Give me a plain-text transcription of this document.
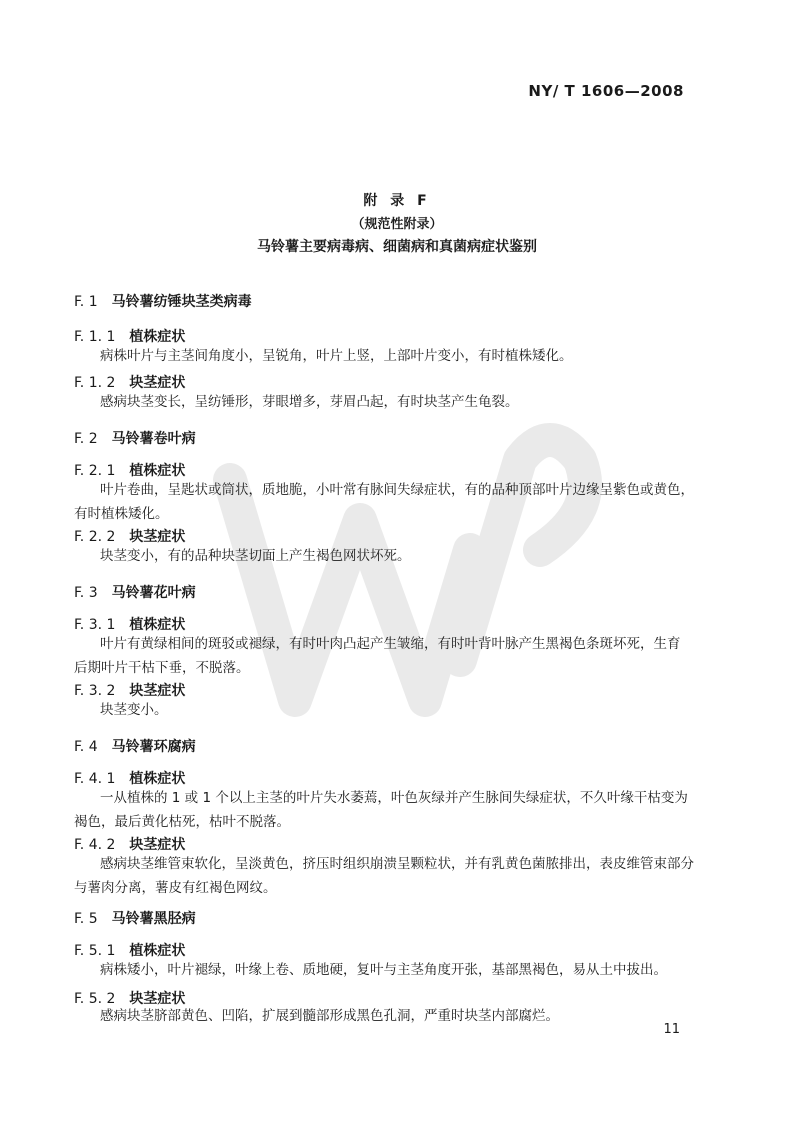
NY/ T 1606—2008
附 录 F
（规范性附录）
马铃薯主要病毒病、细菌病和真菌病症状鉴别
F. 1 马铃薯纺锤块茎类病毒
F. 1. 1 植株症状
病株叶片与主茎间角度小，呈锐角，叶片上竖，上部叶片变小，有时植株矮化。
F. 1. 2 块茎症状
感病块茎变长，呈纺锤形，芽眼增多，芽眉凸起，有时块茎产生龟裂。
F. 2 马铃薯卷叶病
F. 2. 1 植株症状
叶片卷曲，呈匙状或筒状，质地脆，小叶常有脉间失绿症状，有的品种顶部叶片边缘呈紫色或黄色，
有时植株矮化。
F. 2. 2 块茎症状
块茎变小，有的品种块茎切面上产生褐色网状坏死。
F. 3 马铃薯花叶病
F. 3. 1 植株症状
叶片有黄绿相间的斑驳或褪绿，有时叶肉凸起产生皱缩，有时叶背叶脉产生黑褐色条斑坏死，生育
后期叶片干枯下垂，不脱落。
F. 3. 2 块茎症状
块茎变小。
F. 4 马铃薯环腐病
F. 4. 1 植株症状
一从植株的 1 或 1 个以上主茎的叶片失水萎蔫，叶色灰绿并产生脉间失绿症状，不久叶缘干枯变为
褐色，最后黄化枯死，枯叶不脱落。
F. 4. 2 块茎症状
感病块茎维管束软化，呈淡黄色，挤压时组织崩溃呈颗粒状，并有乳黄色菌脓排出，表皮维管束部分
与薯肉分离，薯皮有红褐色网纹。
F. 5 马铃薯黑胫病
F. 5. 1 植株症状
病株矮小，叶片褪绿，叶缘上卷、质地硬，复叶与主茎角度开张，基部黑褐色，易从土中拔出。
F. 5. 2 块茎症状
感病块茎脐部黄色、凹陷，扩展到髓部形成黑色孔洞，严重时块茎内部腐烂。
11
